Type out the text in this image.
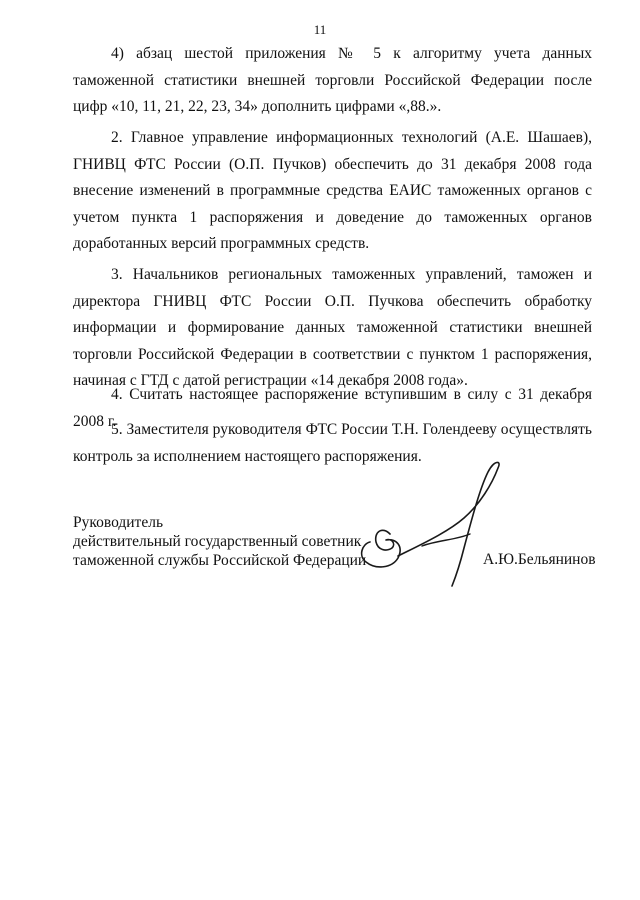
11

4) абзац шестой приложения № 5 к алгоритму учета данных таможенной статистики внешней торговли Российской Федерации после цифр «10, 11, 21, 22, 23, 34» дополнить цифрами «,88.».

2. Главное управление информационных технологий (А.Е. Шашаев), ГНИВЦ ФТС России (О.П. Пучков) обеспечить до 31 декабря 2008 года внесение изменений в программные средства ЕАИС таможенных органов с учетом пункта 1 распоряжения и доведение до таможенных органов доработанных версий программных средств.

3. Начальников региональных таможенных управлений, таможен и директора ГНИВЦ ФТС России О.П. Пучкова обеспечить обработку информации и формирование данных таможенной статистики внешней торговли Российской Федерации в соответствии с пунктом 1 распоряжения, начиная с ГТД с датой регистрации «14 декабря 2008 года».

4. Считать настоящее распоряжение вступившим в силу с 31 декабря 2008 г.

5. Заместителя руководителя ФТС России Т.Н. Голендееву осуществлять контроль за исполнением настоящего распоряжения.

Руководитель
действительный государственный советник
таможенной службы Российской Федерации	А.Ю.Бельянинов
